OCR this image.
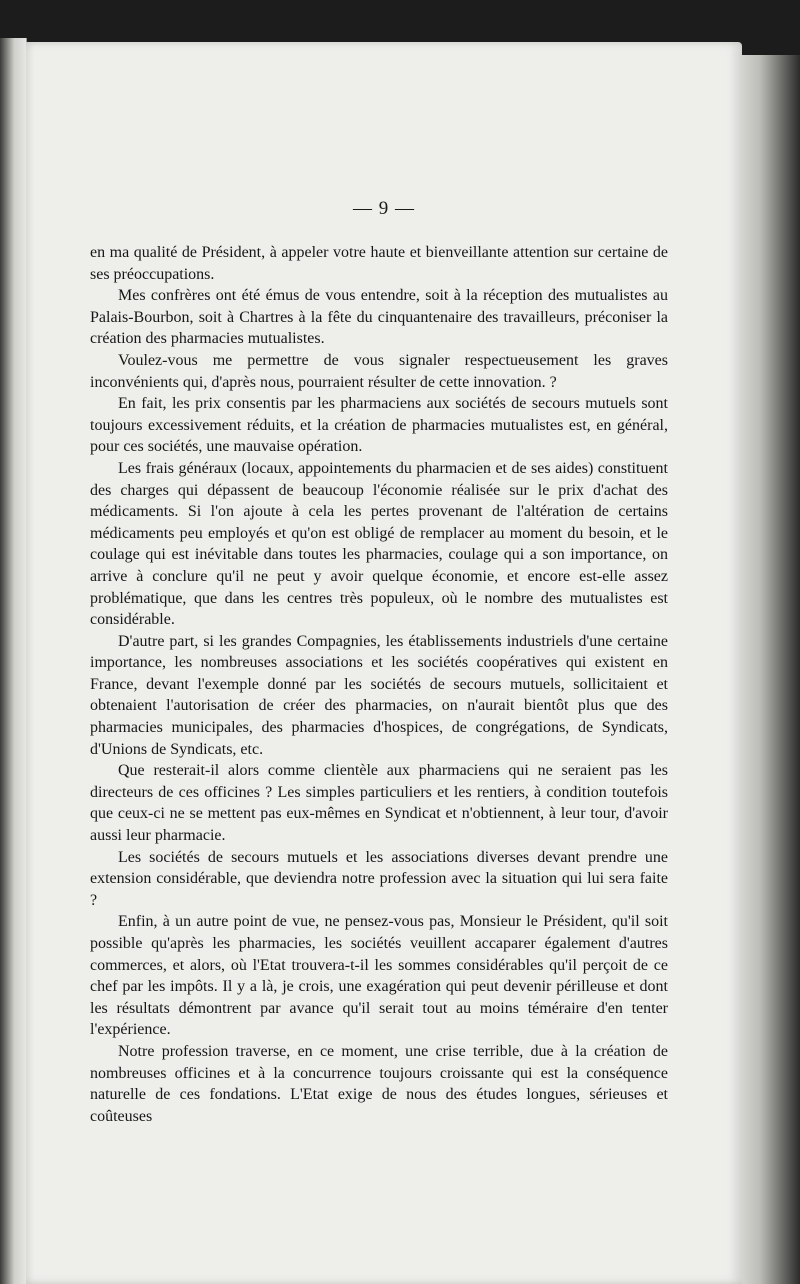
— 9 —

en ma qualité de Président, à appeler votre haute et bienveillante attention sur certaine de ses préoccupations.

Mes confrères ont été émus de vous entendre, soit à la réception des mutualistes au Palais-Bourbon, soit à Chartres à la fête du cinquantenaire des travailleurs, préconiser la création des pharmacies mutualistes.

Voulez-vous me permettre de vous signaler respectueusement les graves inconvénients qui, d'après nous, pourraient résulter de cette innovation. ?

En fait, les prix consentis par les pharmaciens aux sociétés de secours mutuels sont toujours excessivement réduits, et la création de pharmacies mutualistes est, en général, pour ces sociétés, une mauvaise opération.

Les frais généraux (locaux, appointements du pharmacien et de ses aides) constituent des charges qui dépassent de beaucoup l'économie réalisée sur le prix d'achat des médicaments. Si l'on ajoute à cela les pertes provenant de l'altération de certains médicaments peu employés et qu'on est obligé de remplacer au moment du besoin, et le coulage qui est inévitable dans toutes les pharmacies, coulage qui a son importance, on arrive à conclure qu'il ne peut y avoir quelque économie, et encore est-elle assez problématique, que dans les centres très populeux, où le nombre des mutualistes est considérable.

D'autre part, si les grandes Compagnies, les établissements industriels d'une certaine importance, les nombreuses associations et les sociétés coopératives qui existent en France, devant l'exemple donné par les sociétés de secours mutuels, sollicitaient et obtenaient l'autorisation de créer des pharmacies, on n'aurait bientôt plus que des pharmacies municipales, des pharmacies d'hospices, de congrégations, de Syndicats, d'Unions de Syndicats, etc.

Que resterait-il alors comme clientèle aux pharmaciens qui ne seraient pas les directeurs de ces officines ? Les simples particuliers et les rentiers, à condition toutefois que ceux-ci ne se mettent pas eux-mêmes en Syndicat et n'obtiennent, à leur tour, d'avoir aussi leur pharmacie.

Les sociétés de secours mutuels et les associations diverses devant prendre une extension considérable, que deviendra notre profession avec la situation qui lui sera faite ?

Enfin, à un autre point de vue, ne pensez-vous pas, Monsieur le Président, qu'il soit possible qu'après les pharmacies, les sociétés veuillent accaparer également d'autres commerces, et alors, où l'Etat trouvera-t-il les sommes considérables qu'il perçoit de ce chef par les impôts. Il y a là, je crois, une exagération qui peut devenir périlleuse et dont les résultats démontrent par avance qu'il serait tout au moins téméraire d'en tenter l'expérience.

Notre profession traverse, en ce moment, une crise terrible, due à la création de nombreuses officines et à la concurrence toujours croissante qui est la conséquence naturelle de ces fondations. L'Etat exige de nous des études longues, sérieuses et coûteuses
